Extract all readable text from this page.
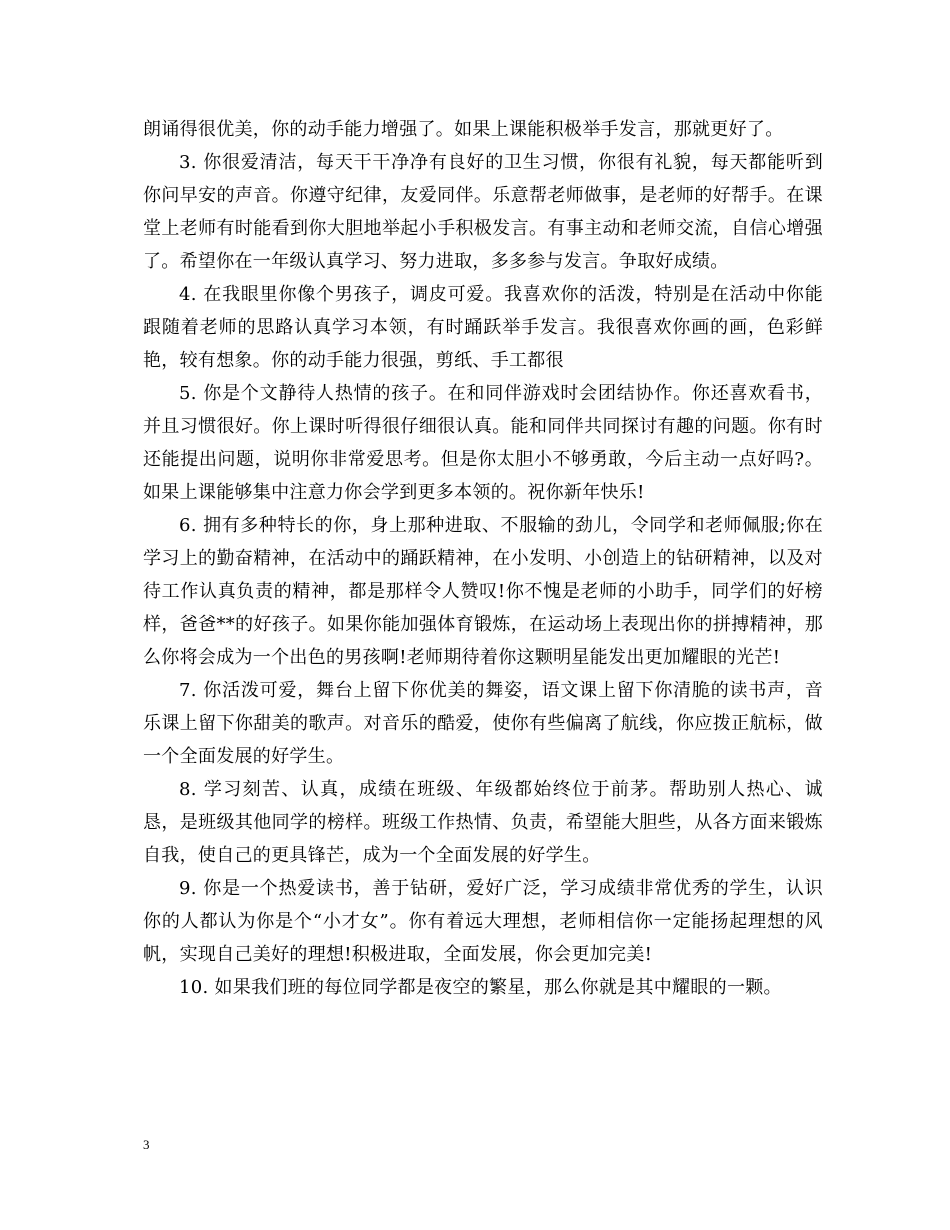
朗诵得很优美，你的动手能力增强了。如果上课能积极举手发言，那就更好了。

3. 你很爱清洁，每天干干净净有良好的卫生习惯，你很有礼貌，每天都能听到你问早安的声音。你遵守纪律，友爱同伴。乐意帮老师做事，是老师的好帮手。在课堂上老师有时能看到你大胆地举起小手积极发言。有事主动和老师交流，自信心增强了。希望你在一年级认真学习、努力进取，多多参与发言。争取好成绩。

4. 在我眼里你像个男孩子，调皮可爱。我喜欢你的活泼，特别是在活动中你能跟随着老师的思路认真学习本领，有时踊跃举手发言。我很喜欢你画的画，色彩鲜艳，较有想象。你的动手能力很强，剪纸、手工都很

5. 你是个文静待人热情的孩子。在和同伴游戏时会团结协作。你还喜欢看书，并且习惯很好。你上课时听得很仔细很认真。能和同伴共同探讨有趣的问题。你有时还能提出问题，说明你非常爱思考。但是你太胆小不够勇敢，今后主动一点好吗?。如果上课能够集中注意力你会学到更多本领的。祝你新年快乐!

6. 拥有多种特长的你，身上那种进取、不服输的劲儿，令同学和老师佩服;你在学习上的勤奋精神，在活动中的踊跃精神，在小发明、小创造上的钻研精神，以及对待工作认真负责的精神，都是那样令人赞叹!你不愧是老师的小助手，同学们的好榜样，爸爸**的好孩子。如果你能加强体育锻炼，在运动场上表现出你的拼搏精神，那么你将会成为一个出色的男孩啊!老师期待着你这颗明星能发出更加耀眼的光芒!

7. 你活泼可爱，舞台上留下你优美的舞姿，语文课上留下你清脆的读书声，音乐课上留下你甜美的歌声。对音乐的酷爱，使你有些偏离了航线，你应拨正航标，做一个全面发展的好学生。

8. 学习刻苦、认真，成绩在班级、年级都始终位于前茅。帮助别人热心、诚恳，是班级其他同学的榜样。班级工作热情、负责，希望能大胆些，从各方面来锻炼自我，使自己的更具锋芒，成为一个全面发展的好学生。

9. 你是一个热爱读书，善于钻研，爱好广泛，学习成绩非常优秀的学生，认识你的人都认为你是个“小才女”。你有着远大理想，老师相信你一定能扬起理想的风帆，实现自己美好的理想!积极进取，全面发展，你会更加完美!

10. 如果我们班的每位同学都是夜空的繁星，那么你就是其中耀眼的一颗。

3
